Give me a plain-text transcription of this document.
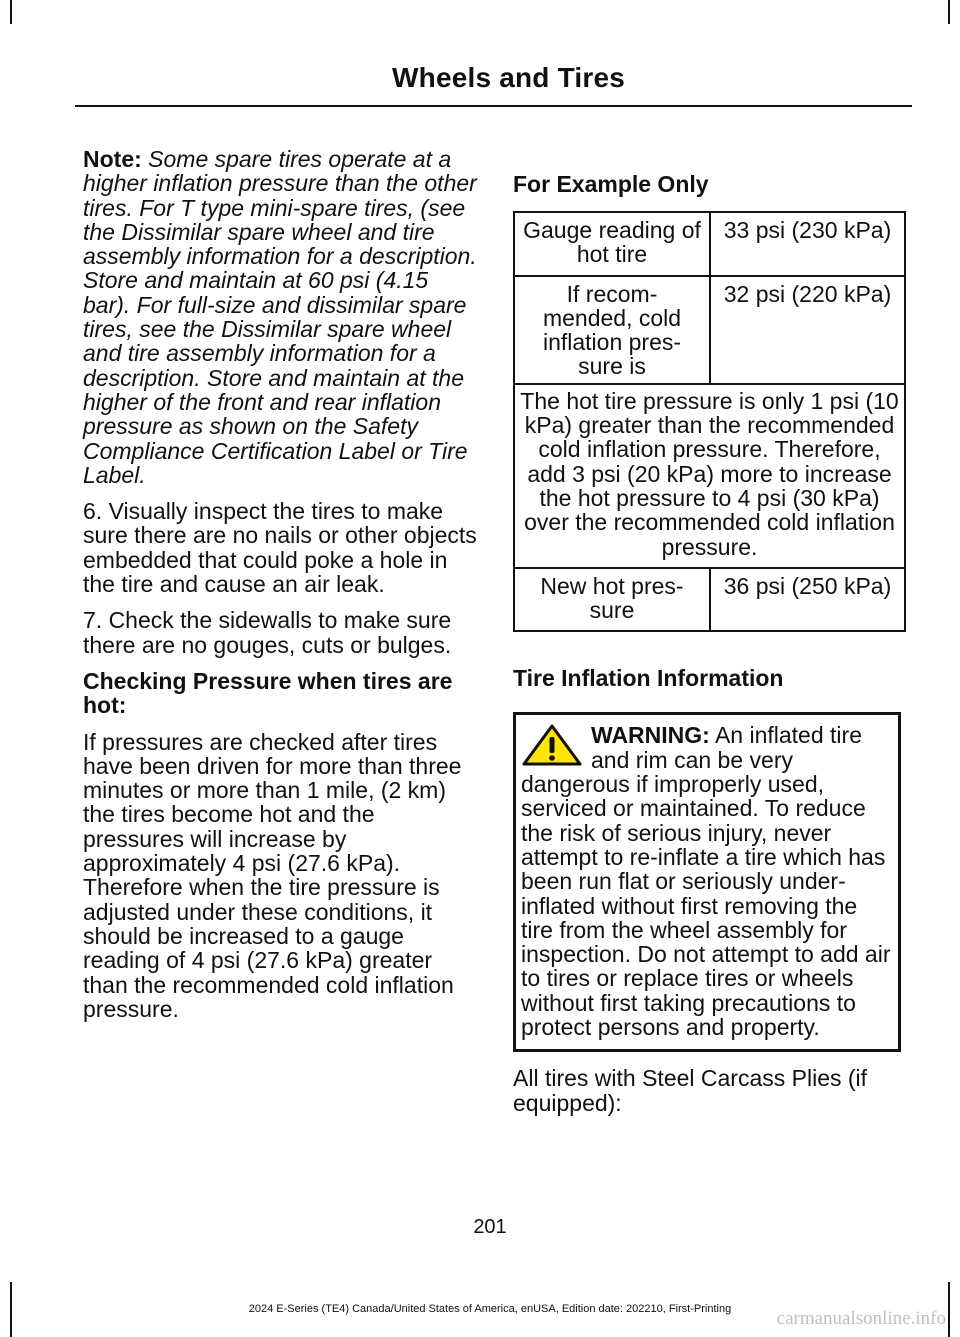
Wheels and Tires

Note: Some spare tires operate at a higher inflation pressure than the other tires. For T type mini-spare tires, (see the Dissimilar spare wheel and tire assembly information for a description. Store and maintain at 60 psi (4.15 bar). For full-size and dissimilar spare tires, see the Dissimilar spare wheel and tire assembly information for a description. Store and maintain at the higher of the front and rear inflation pressure as shown on the Safety Compliance Certification Label or Tire Label.

6. Visually inspect the tires to make sure there are no nails or other objects embedded that could poke a hole in the tire and cause an air leak.

7. Check the sidewalls to make sure there are no gouges, cuts or bulges.

Checking Pressure when tires are hot:

If pressures are checked after tires have been driven for more than three minutes or more than 1 mile, (2 km) the tires become hot and the pressures will increase by approximately 4 psi (27.6 kPa). Therefore when the tire pressure is adjusted under these conditions, it should be increased to a gauge reading of 4 psi (27.6 kPa) greater than the recommended cold inflation pressure.

For Example Only
Gauge reading of hot tire	33 psi (230 kPa)
If recom-mended, cold inflation pres-sure is	32 psi (220 kPa)
The hot tire pressure is only 1 psi (10 kPa) greater than the recommended cold inflation pressure. Therefore, add 3 psi (20 kPa) more to increase the hot pressure to 4 psi (30 kPa) over the recommended cold inflation pressure.	
New hot pres-sure	36 psi (250 kPa)
Tire Inflation Information
WARNING: An inflated tire and rim can be very dangerous if improperly used, serviced or maintained. To reduce the risk of serious injury, never attempt to re-inflate a tire which has been run flat or seriously under-inflated without first removing the tire from the wheel assembly for inspection. Do not attempt to add air to tires or replace tires or wheels without first taking precautions to protect persons and property.

All tires with Steel Carcass Plies (if equipped):

201
2024 E-Series (TE4) Canada/United States of America, enUSA, Edition date: 202210, First-Printing	carmanualsonline.info
